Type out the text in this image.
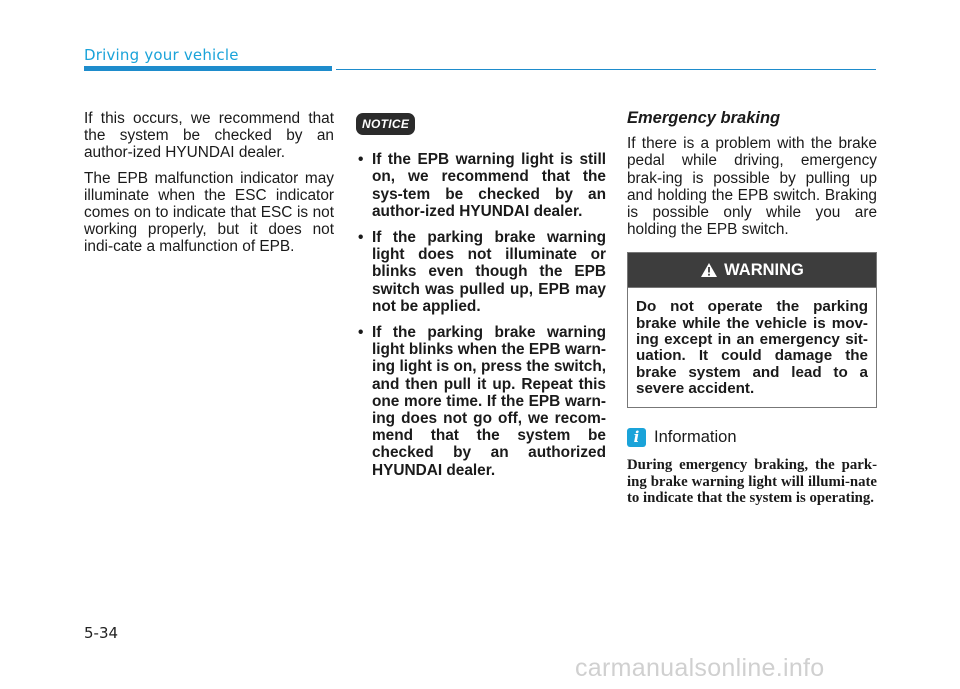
Driving your vehicle

If this occurs, we recommend that the system be checked by an author-ized HYUNDAI dealer.

The EPB malfunction indicator may illuminate when the ESC indicator comes on to indicate that ESC is not working properly, but it does not indi-cate a malfunction of EPB.

NOTICE
• If the EPB warning light is still on, we recommend that the sys-tem be checked by an author-ized HYUNDAI dealer.
• If the parking brake warning light does not illuminate or blinks even though the EPB switch was pulled up, EPB may not be applied.
• If the parking brake warning light blinks when the EPB warn-ing light is on, press the switch, and then pull it up. Repeat this one more time. If the EPB warn-ing does not go off, we recom-mend that the system be checked by an authorized HYUNDAI dealer.
Emergency braking

If there is a problem with the brake pedal while driving, emergency brak-ing is possible by pulling up and holding the EPB switch. Braking is possible only while you are holding the EPB switch.

WARNING
Do not operate the parking brake while the vehicle is mov-ing except in an emergency sit-uation. It could damage the brake system and lead to a severe accident.
i Information
During emergency braking, the park-ing brake warning light will illumi-nate to indicate that the system is operating.
5-34
carmanualsonline.info
